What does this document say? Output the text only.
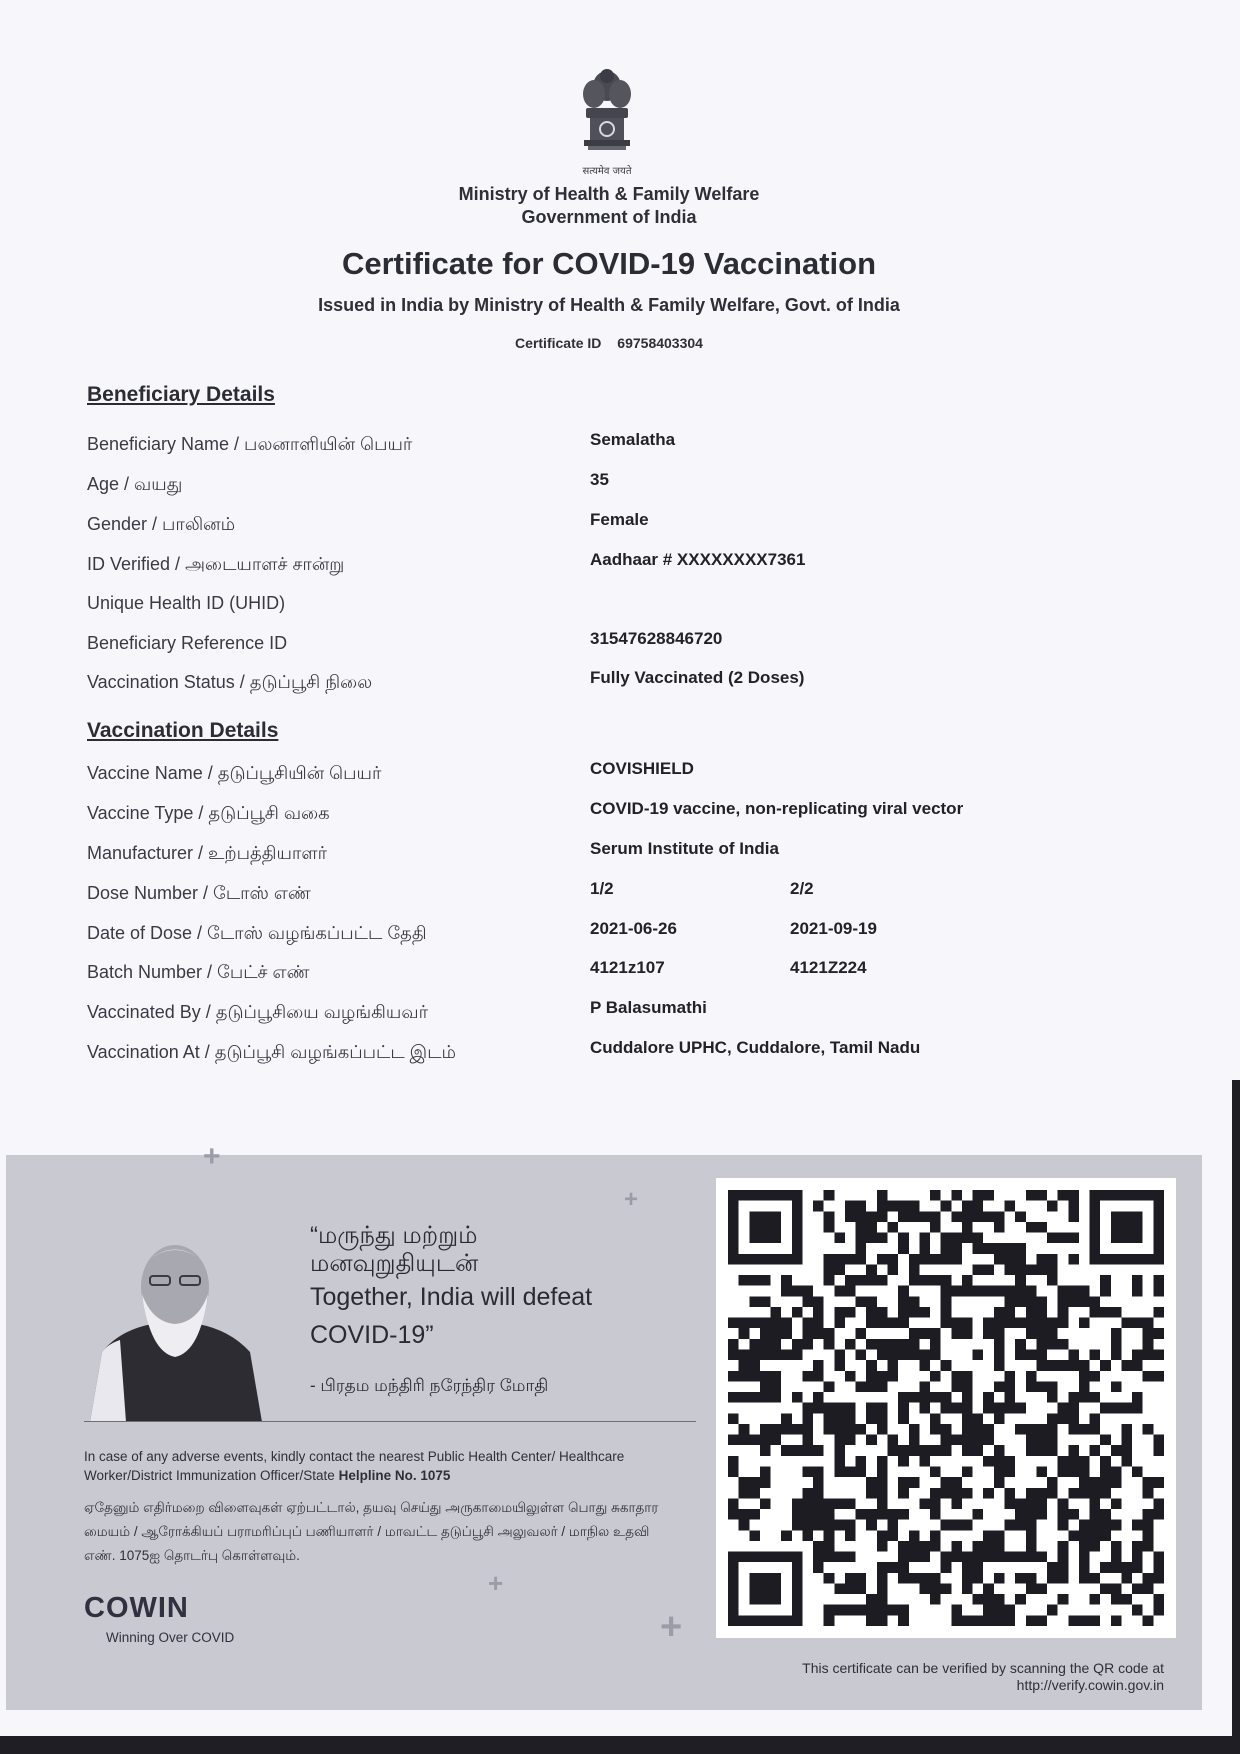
सत्यमेव जयते
Ministry of Health & Family Welfare
Government of India
Certificate for COVID-19 Vaccination
Issued in India by Ministry of Health & Family Welfare, Govt. of India
Certificate ID 69758403304
Beneficiary Details
Beneficiary Name / பலனாளியின் பெயர்	Semalatha
Age / வயது	35
Gender / பாலினம்	Female
ID Verified / அடையாளச் சான்று	Aadhaar # XXXXXXXX7361
Unique Health ID (UHID)
Beneficiary Reference ID	31547628846720
Vaccination Status / தடுப்பூசி நிலை	Fully Vaccinated (2 Doses)
Vaccination Details
Vaccine Name / தடுப்பூசியின் பெயர்	COVISHIELD
Vaccine Type / தடுப்பூசி வகை	COVID-19 vaccine, non-replicating viral vector
Manufacturer / உற்பத்தியாளர்	Serum Institute of India
Dose Number / டோஸ் எண்	1/2	2/2
Date of Dose / டோஸ் வழங்கப்பட்ட தேதி	2021-06-26	2021-09-19
Batch Number / பேட்ச் எண்	4121z107	4121Z224
Vaccinated By / தடுப்பூசியை வழங்கியவர்	P Balasumathi
Vaccination At / தடுப்பூசி வழங்கப்பட்ட இடம்	Cuddalore UPHC, Cuddalore, Tamil Nadu
+
+
+
+
“மருந்து மற்றும்
மனவுறுதியுடன்
Together, India will defeat COVID-19”
- பிரதம மந்திரி நரேந்திர மோதி
In case of any adverse events, kindly contact the nearest Public Health Center/ Healthcare Worker/District Immunization Officer/State Helpline No. 1075
ஏதேனும் எதிர்மறை விளைவுகள் ஏற்பட்டால், தயவு செய்து அருகாமையிலுள்ள பொது சுகாதார மையம் / ஆரோக்கியப் பராமரிப்புப் பணியாளர் / மாவட்ட தடுப்பூசி அலுவலர் / மாநில உதவி எண். 1075ஐ தொடர்பு கொள்ளவும்.
COWIN
Winning Over COVID
This certificate can be verified by scanning the QR code at
http://verify.cowin.gov.in
